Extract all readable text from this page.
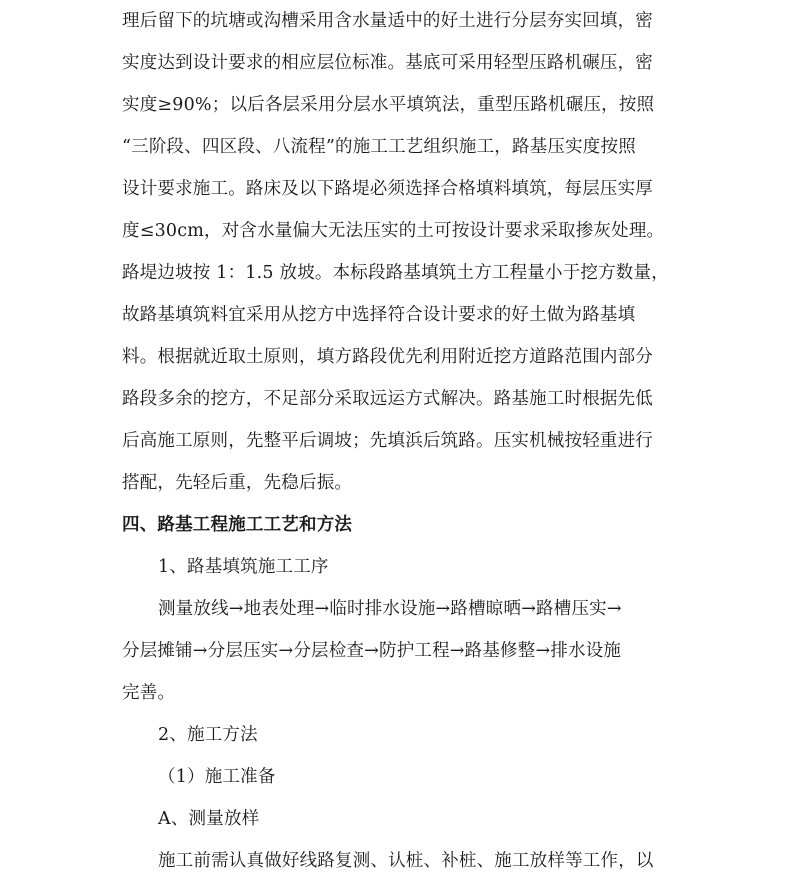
理后留下的坑塘或沟槽采用含水量适中的好土进行分层夯实回填，密
实度达到设计要求的相应层位标准。基底可采用轻型压路机碾压，密
实度≥90%；以后各层采用分层水平填筑法，重型压路机碾压，按照
“三阶段、四区段、八流程”的施工工艺组织施工，路基压实度按照
设计要求施工。路床及以下路堤必须选择合格填料填筑，每层压实厚
度≤30cm，对含水量偏大无法压实的土可按设计要求采取掺灰处理。
路堤边坡按 1：1.5 放坡。本标段路基填筑土方工程量小于挖方数量，
故路基填筑料宜采用从挖方中选择符合设计要求的好土做为路基填
料。根据就近取土原则，填方路段优先利用附近挖方道路范围内部分
路段多余的挖方，不足部分采取远运方式解决。路基施工时根据先低
后高施工原则，先整平后调坡；先填浜后筑路。压实机械按轻重进行
搭配，先轻后重，先稳后振。
四、路基工程施工工艺和方法
1、路基填筑施工工序
测量放线→地表处理→临时排水设施→路槽晾晒→路槽压实→
分层摊铺→分层压实→分层检查→防护工程→路基修整→排水设施
完善。
2、施工方法
（1）施工准备
A、测量放样
施工前需认真做好线路复测、认桩、补桩、施工放样等工作，以
